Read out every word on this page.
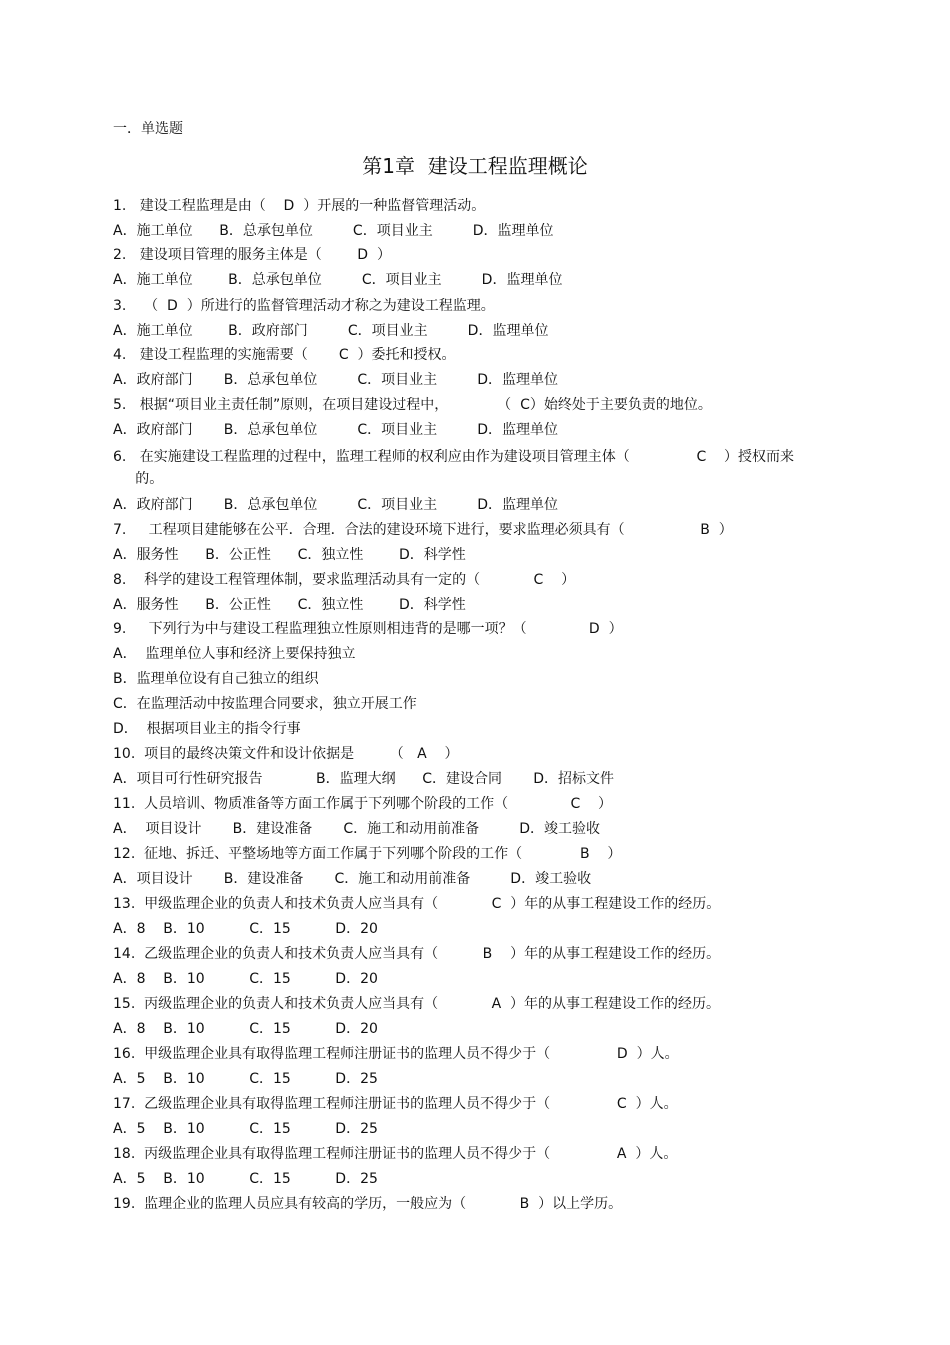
一．单选题
第1章  建设工程监理概论
1.   建设工程监理是由（    D  ）开展的一种监督管理活动。
A．施工单位      B．总承包单位         C．项目业主         D．监理单位
2.   建设项目管理的服务主体是（        D  ）
A．施工单位        B．总承包单位         C．项目业主         D．监理单位
3.    （  D  ）所进行的监督管理活动才称之为建设工程监理。
A．施工单位        B．政府部门         C．项目业主         D．监理单位
4.   建设工程监理的实施需要（       C  ）委托和授权。
A．政府部门       B．总承包单位         C．项目业主         D．监理单位
5.   根据“项目业主责任制”原则，在项目建设过程中，           （  C）始终处于主要负责的地位。
A．政府部门       B．总承包单位         C．项目业主         D．监理单位
6.   在实施建设工程监理的过程中，监理工程师的权利应由作为建设项目管理主体（               C    ）授权而来
的。
A．政府部门       B．总承包单位         C．项目业主         D．监理单位
7.     工程项目建能够在公平．合理．合法的建设环境下进行，要求监理必须具有（                 B  ）
A．服务性      B．公正性      C．独立性        D．科学性
8.    科学的建设工程管理体制，要求监理活动具有一定的（            C    ）
A．服务性      B．公正性      C．独立性        D．科学性
9.     下列行为中与建设工程监理独立性原则相违背的是哪一项？（              D  ）
A．  监理单位人事和经济上要保持独立
B．监理单位设有自己独立的组织
C．在监理活动中按监理合同要求，独立开展工作
D．  根据项目业主的指令行事
10.  项目的最终决策文件和设计依据是        （   A    ）
A．项目可行性研究报告            B．监理大纲      C．建设合同       D．招标文件
11.  人员培训、物质准备等方面工作属于下列哪个阶段的工作（              C    ）
A．  项目设计       B．建设准备       C．施工和动用前准备         D．竣工验收
12.  征地、拆迁、平整场地等方面工作属于下列哪个阶段的工作（             B    ）
A．项目设计       B．建设准备       C．施工和动用前准备         D．竣工验收
13.  甲级监理企业的负责人和技术负责人应当具有（            C  ）年的从事工程建设工作的经历。
A．8    B．10          C．15          D．20
14.  乙级监理企业的负责人和技术负责人应当具有（          B    ）年的从事工程建设工作的经历。
A．8    B．10          C．15          D．20
15.  丙级监理企业的负责人和技术负责人应当具有（            A  ）年的从事工程建设工作的经历。
A．8    B．10          C．15          D．20
16.  甲级监理企业具有取得监理工程师注册证书的监理人员不得少于（               D  ）人。
A．5    B．10          C．15          D．25
17.  乙级监理企业具有取得监理工程师注册证书的监理人员不得少于（               C  ）人。
A．5    B．10          C．15          D．25
18.  丙级监理企业具有取得监理工程师注册证书的监理人员不得少于（               A  ）人。
A．5    B．10          C．15          D．25
19.  监理企业的监理人员应具有较高的学历，一般应为（            B  ）以上学历。
